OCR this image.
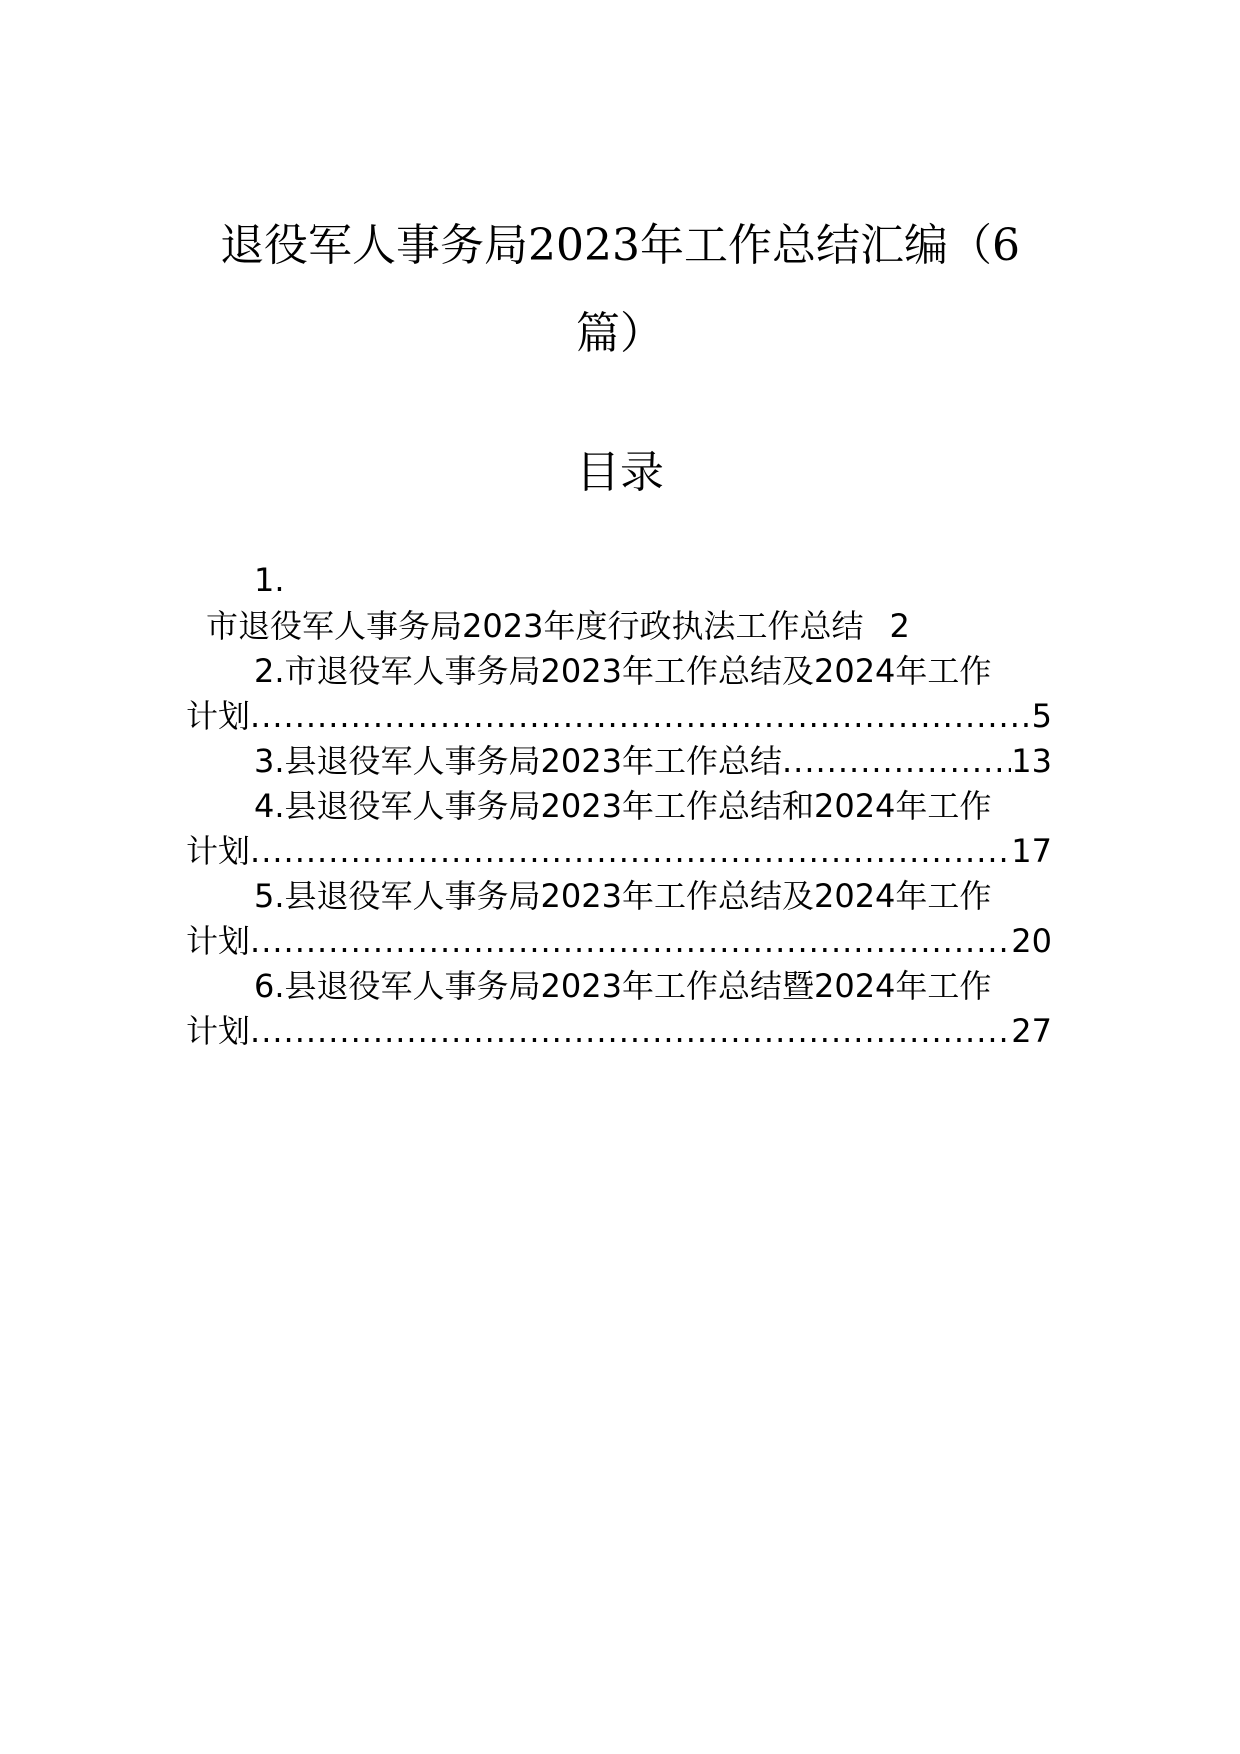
退役军人事务局2023年工作总结汇编（6
篇）
目录
1.
市退役军人事务局2023年度行政执法工作总结 2
2.市退役军人事务局2023年工作总结及2024年工作
计划 .....	5
3.县退役军人事务局2023年工作总结 .....	13
4.县退役军人事务局2023年工作总结和2024年工作
计划 .....	17
5.县退役军人事务局2023年工作总结及2024年工作
计划 .....	20
6.县退役军人事务局2023年工作总结暨2024年工作
计划 .....	27
